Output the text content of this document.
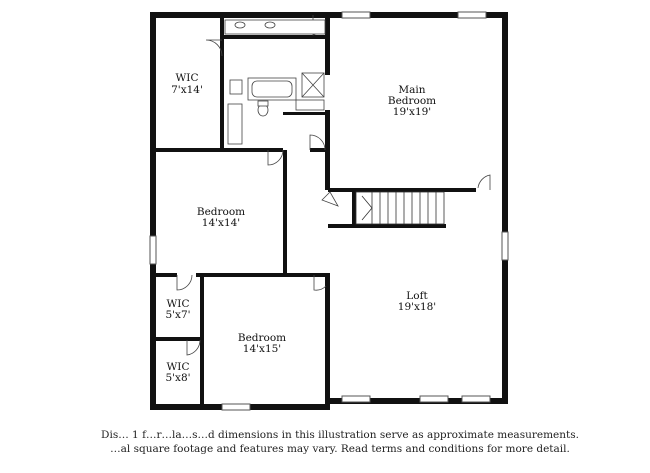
WIC
7'x14'	Main
Bedroom
19'x19'
Bedroom
14'x14'
WIC
5'x7'
WIC
5'x8'
Bedroom
14'x15'
Loft
19'x18'
Dis… 1 f…r…la…s…d dimensions in this illustration serve as approximate measurements.
…al square footage and features may vary. Read terms and conditions for more detail.
